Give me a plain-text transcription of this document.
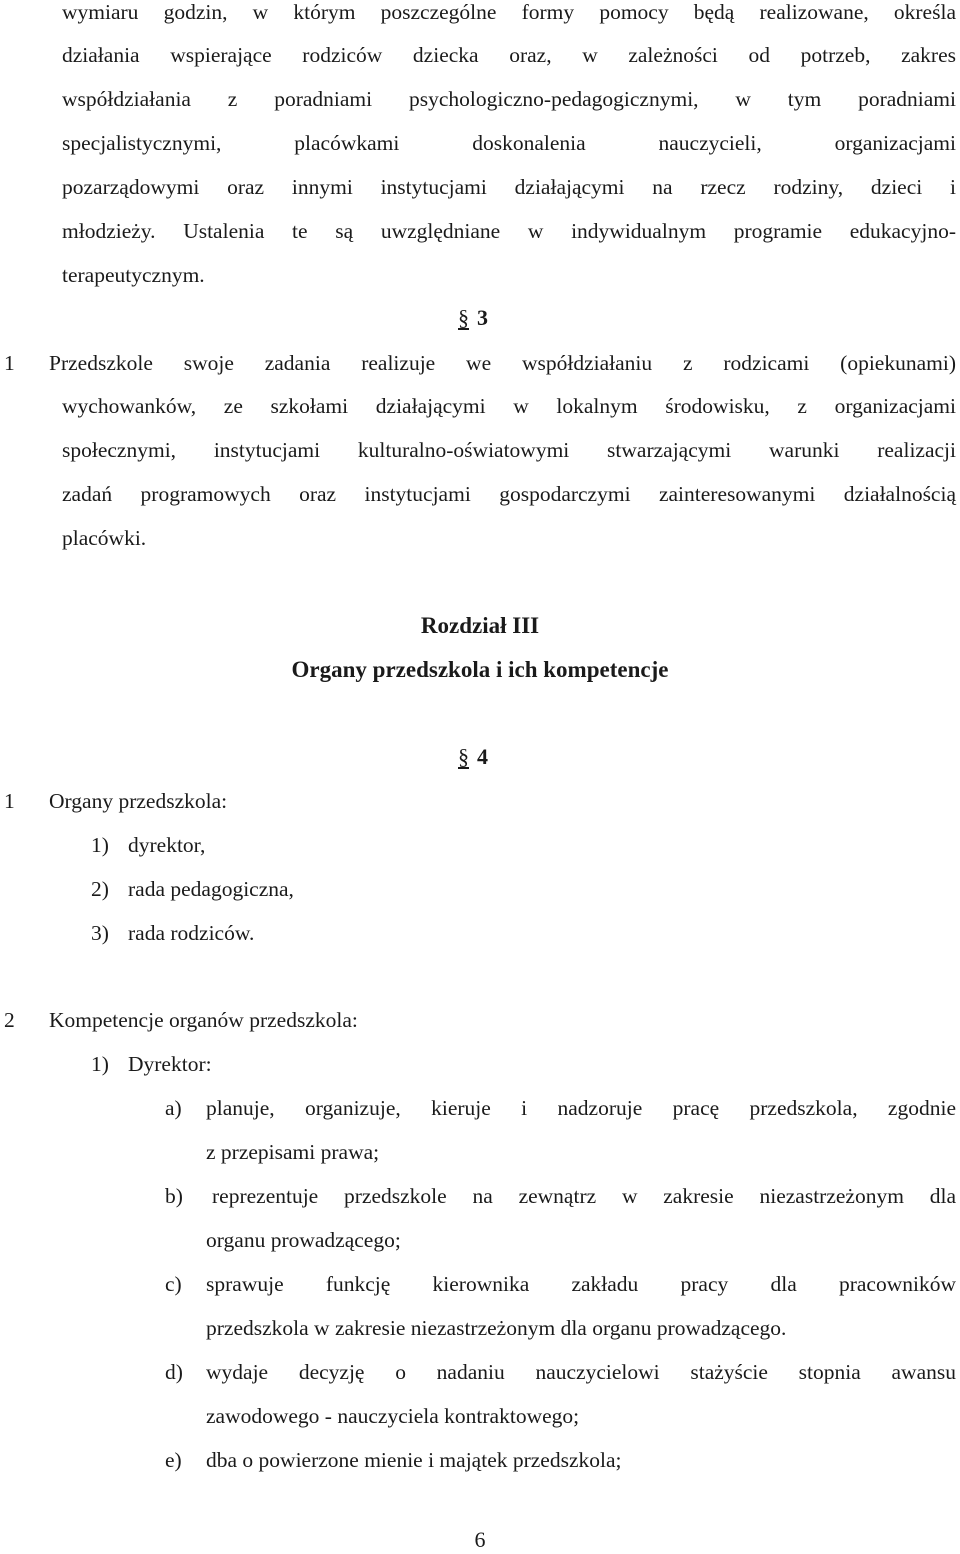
wymiaru godzin, w którym poszczególne formy pomocy będą realizowane, określa
działania wspierające rodziców dziecka oraz, w zależności od potrzeb, zakres
współdziałania z poradniami psychologiczno-pedagogicznymi, w tym poradniami
specjalistycznymi, placówkami doskonalenia nauczycieli, organizacjami
pozarządowymi oraz innymi instytucjami działającymi na rzecz rodziny, dzieci i
młodzieży. Ustalenia te są uwzględniane w indywidualnym programie edukacyjno-
terapeutycznym.
§ 3
1 Przedszkole swoje zadania realizuje we współdziałaniu z rodzicami (opiekunami)
wychowanków, ze szkołami działającymi w lokalnym środowisku, z organizacjami
społecznymi, instytucjami kulturalno-oświatowymi stwarzającymi warunki realizacji
zadań programowych oraz instytucjami gospodarczymi zainteresowanymi działalnością
placówki.
Rozdział III
Organy przedszkola i ich kompetencje
§ 4
1 Organy przedszkola:
1) dyrektor,
2) rada pedagogiczna,
3) rada rodziców.
2 Kompetencje organów przedszkola:
1) Dyrektor:
a) planuje, organizuje, kieruje i nadzoruje pracę przedszkola, zgodnie
z przepisami prawa;
b) reprezentuje przedszkole na zewnątrz w zakresie niezastrzeżonym dla
organu prowadzącego;
c) sprawuje funkcję kierownika zakładu pracy dla pracowników
przedszkola w zakresie niezastrzeżonym dla organu prowadzącego.
d) wydaje decyzję o nadaniu nauczycielowi stażyście stopnia awansu
zawodowego - nauczyciela kontraktowego;
e) dba o powierzone mienie i majątek przedszkola;
6
